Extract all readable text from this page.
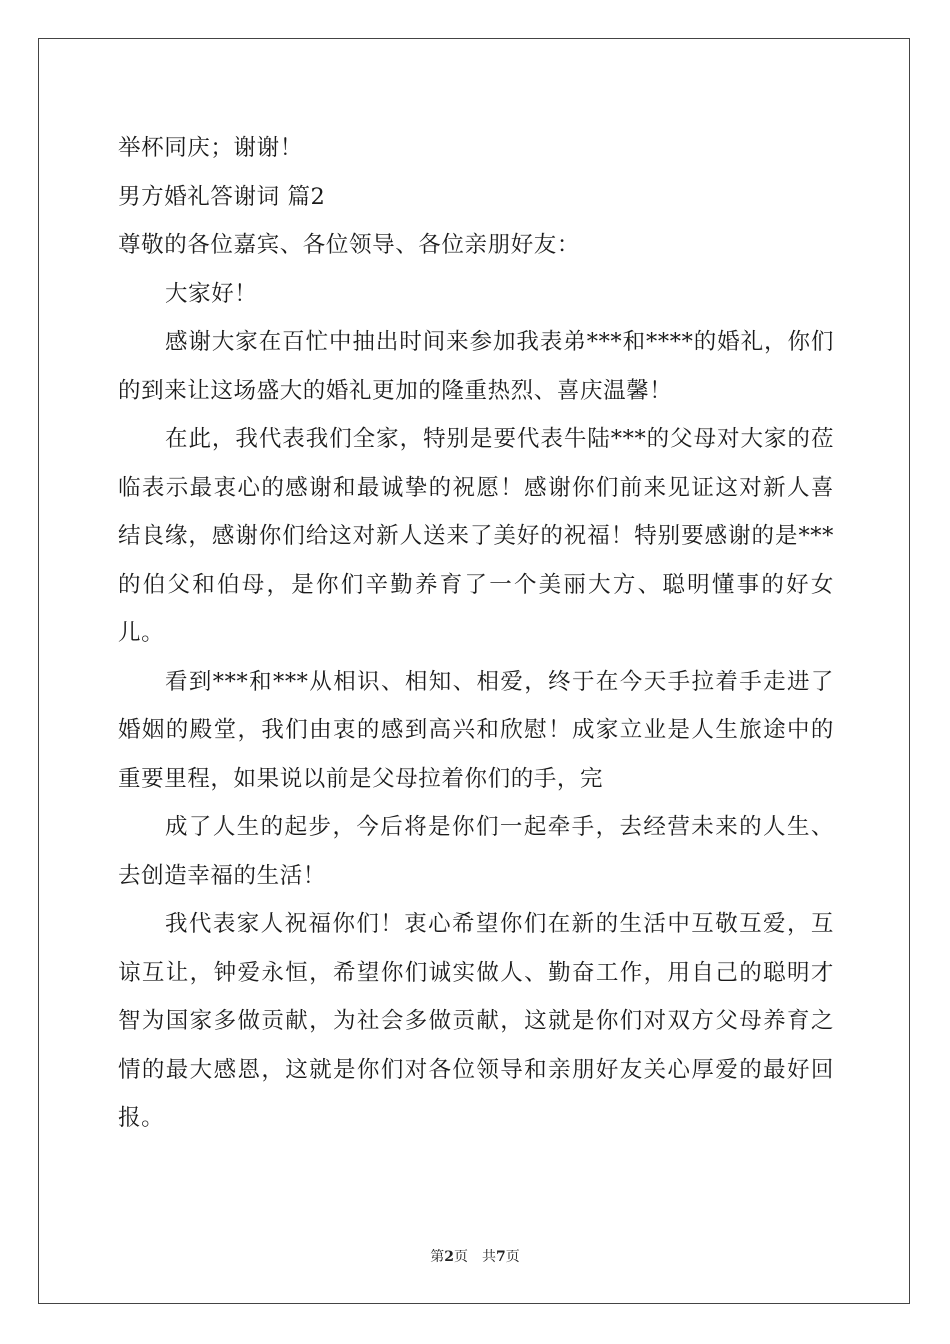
举杯同庆；谢谢！

男方婚礼答谢词 篇2

尊敬的各位嘉宾、各位领导、各位亲朋好友：

大家好！

感谢大家在百忙中抽出时间来参加我表弟***和****的婚礼，你们的到来让这场盛大的婚礼更加的隆重热烈、喜庆温馨！

在此，我代表我们全家，特别是要代表牛陆***的父母对大家的莅临表示最衷心的感谢和最诚挚的祝愿！感谢你们前来见证这对新人喜结良缘，感谢你们给这对新人送来了美好的祝福！特别要感谢的是***的伯父和伯母，是你们辛勤养育了一个美丽大方、聪明懂事的好女儿。

看到***和***从相识、相知、相爱，终于在今天手拉着手走进了婚姻的殿堂，我们由衷的感到高兴和欣慰！成家立业是人生旅途中的重要里程，如果说以前是父母拉着你们的手，完

成了人生的起步，今后将是你们一起牵手，去经营未来的人生、去创造幸福的生活！

我代表家人祝福你们！衷心希望你们在新的生活中互敬互爱，互谅互让，钟爱永恒，希望你们诚实做人、勤奋工作，用自己的聪明才智为国家多做贡献，为社会多做贡献，这就是你们对双方父母养育之情的最大感恩，这就是你们对各位领导和亲朋好友关心厚爱的最好回报。

第2页 共7页
